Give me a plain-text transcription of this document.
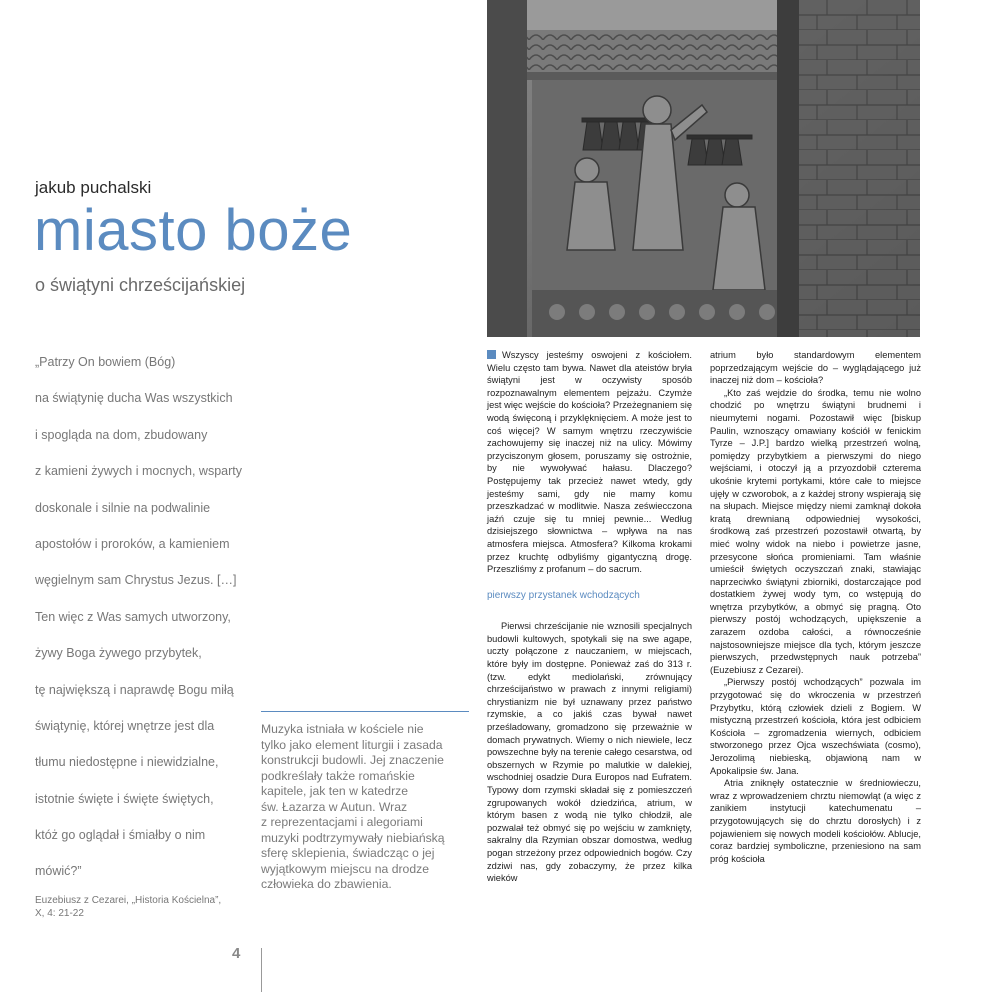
jakub puchalski
miasto boże
o świątyni chrześcijańskiej
„Patrzy On bowiem (Bóg)
na świątynię ducha Was wszystkich
i spogląda na dom, zbudowany
z kamieni żywych i mocnych, wsparty
doskonale i silnie na podwalinie
apostołów i proroków, a kamieniem
węgielnym sam Chrystus Jezus. […]
Ten więc z Was samych utworzony,
żywy Boga żywego przybytek,
tę największą i naprawdę Bogu miłą
świątynię, której wnętrze jest dla
tłumu niedostępne i niewidzialne,
istotnie święte i święte świętych,
któż go oglądał i śmiałby o nim
mówić?”
Euzebiusz z Cezarei, „Historia Kościelna”,
X, 4: 21-22
Muzyka istniała w kościele nie
tylko jako element liturgii i zasada
konstrukcji budowli. Jej znaczenie
podkreślały także romańskie
kapitele, jak ten w katedrze
św. Łazarza w Autun. Wraz
z reprezentacjami i alegoriami
muzyki podtrzymywały niebiańską
sferę sklepienia, świadcząc o jej
wyjątkowym miejscu na drodze
człowieka do zbawienia.
4

Wszyscy jesteśmy oswojeni z kościołem. Wielu często tam bywa. Nawet dla ateistów bryła świątyni jest w oczywisty sposób rozpoznawalnym elementem pejzażu. Czymże jest więc wejście do kościoła? Przeżegnaniem się wodą święconą i przyklęknięciem. A może jest to coś więcej? W samym wnętrzu rzeczywiście zachowujemy się inaczej niż na ulicy. Mówimy przyciszonym głosem, poruszamy się ostrożnie, by nie wywoływać hałasu. Dlaczego? Postępujemy tak przecież nawet wtedy, gdy jesteśmy sami, gdy nie mamy komu przeszkadzać w modlitwie. Nasza zeświecczona jaźń czuje się tu mniej pewnie... Według dzisiejszego słownictwa – wpływa na nas atmosfera miejsca. Atmosfera? Kilkoma krokami przez kruchtę odbyliśmy gigantyczną drogę. Przeszliśmy z profanum – do sacrum.

pierwszy przystanek wchodzących

Pierwsi chrześcijanie nie wznosili specjalnych budowli kultowych, spotykali się na swe agape, uczty połączone z nauczaniem, w miejscach, które były im dostępne. Ponieważ zaś do 313 r. (tzw. edykt mediolański, zrównujący chrześcijaństwo w prawach z innymi religiami) chrystianizm nie był uznawany przez państwo rzymskie, a co jakiś czas bywał nawet prześladowany, gromadzono się przeważnie w domach prywatnych. Wiemy o nich niewiele, lecz powszechne były na terenie całego cesarstwa, od obszernych w Rzymie po malutkie w dalekiej, wschodniej osadzie Dura Europos nad Eufratem. Typowy dom rzymski składał się z pomieszczeń zgrupowanych wokół dziedzińca, atrium, w którym basen z wodą nie tylko chłodził, ale pozwalał też obmyć się po wejściu w zamknięty, sakralny dla Rzymian obszar domostwa, według pogan strzeżony przez odpowiednich bogów. Czy zdziwi nas, gdy zobaczymy, że przez kilka wieków

atrium było standardowym elementem poprzedzającym wejście do – wyglądającego już inaczej niż dom – kościoła?

„Kto zaś wejdzie do środka, temu nie wolno chodzić po wnętrzu świątyni brudnemi i nieumytemi nogami. Pozostawił więc [biskup Paulin, wznoszący omawiany kościół w fenickim Tyrze – J.P.] bardzo wielką przestrzeń wolną, pomiędzy przybytkiem a pierwszymi do niego wejściami, i otoczył ją a przyozdobił czterema ukośnie krytemi portykami, które całe to miejsce ujęły w czworobok, a z każdej strony wspierają się na słupach. Miejsce między niemi zamknął dokoła kratą drewnianą odpowiedniej wysokości, środkową zaś przestrzeń pozostawił otwartą, by mieć wolny widok na niebo i powietrze jasne, przesycone słońca promieniami. Tam właśnie umieścił świętych oczyszczań znaki, stawiając naprzeciwko świątyni zbiorniki, dostarczające pod dostatkiem żywej wody tym, co wstępują do wnętrza przybytków, a obmyć się pragną. Oto pierwszy postój wchodzących, upiększenie a zarazem ozdoba całości, a równocześnie najstosowniejsze miejsce dla tych, którym jeszcze pierwszych, przedwstępnych nauk potrzeba” (Euzebiusz z Cezarei).

„Pierwszy postój wchodzących” pozwala im przygotować się do wkroczenia w przestrzeń Przybytku, którą człowiek dzieli z Bogiem. W mistyczną przestrzeń kościoła, która jest odbiciem Kościoła – zgromadzenia wiernych, odbiciem stworzonego przez Ojca wszechświata (cosmo), Jerozolimą niebieską, objawioną nam w Apokalipsie św. Jana.

Atria zniknęły ostatecznie w średniowieczu, wraz z wprowadzeniem chrztu niemowląt (a więc z zanikiem instytucji katechumenatu – przygotowujących się do chrztu dorosłych) i z pojawieniem się nowych modeli kościołów. Ablucje, coraz bardziej symboliczne, przeniesiono na sam próg kościoła
